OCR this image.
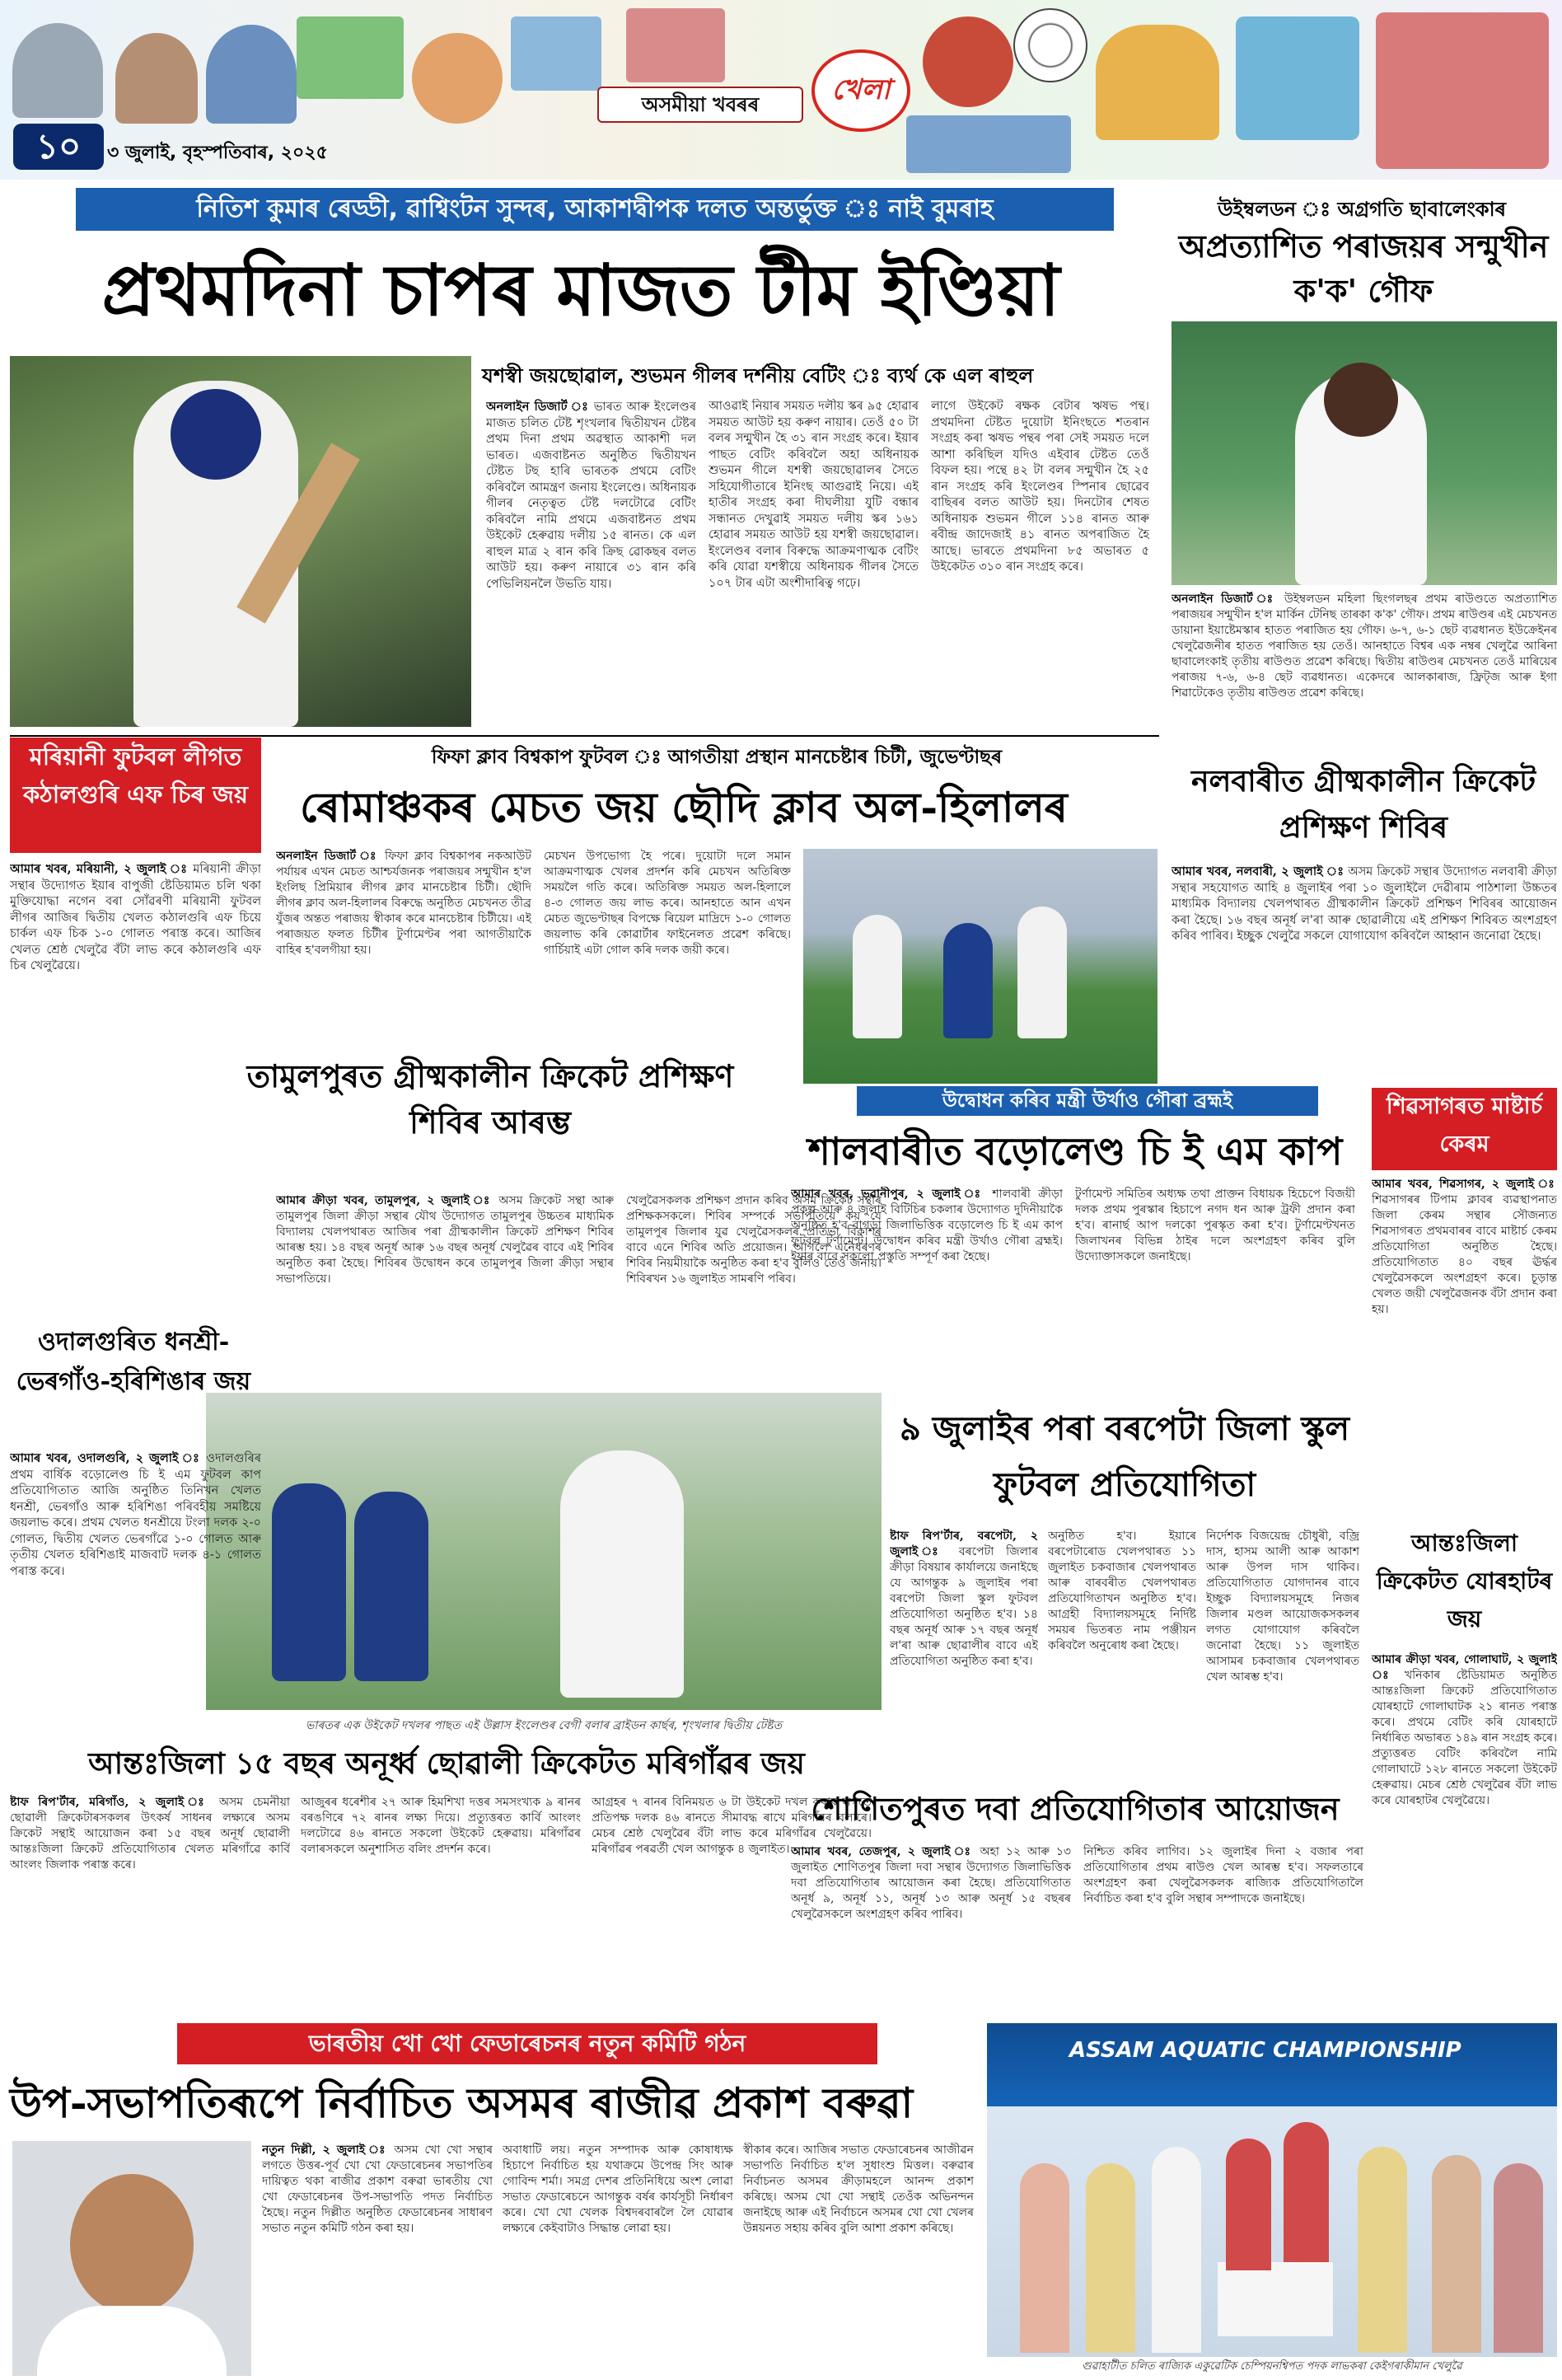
১০	৩ জুলাই, বৃহস্পতিবাৰ, ২০২৫
অসমীয়া খবৰৰ	খেলা
নিতিশ কুমাৰ ৰেড্ডী, ৱাশ্বিংটন সুন্দৰ, আকাশদ্বীপক দলত অন্তৰ্ভুক্ত ঃ নাই বুমৰাহ
প্ৰথমদিনা চাপৰ মাজত টীম ইণ্ডিয়া
যশস্বী জয়ছোৱাল, শুভমন গীলৰ দৰ্শনীয় বেটিং ঃ ব্যৰ্থ কে এল ৰাহুল
অনলাইন ডিজাৰ্ট ঃ ভাৰত আৰু ইংলেণ্ডৰ মাজত চলিত টেষ্ট শৃংখলাৰ দ্বিতীয়খন টেষ্টৰ প্ৰথম দিনা প্ৰথম অৱস্থাত আকাশী দল ভাৰত। এজবাষ্টনত অনুষ্ঠিত দ্বিতীয়খন টেষ্টত টছ হাৰি ভাৰতক প্ৰথমে বেটিং কৰিবলৈ আমন্ত্ৰণ জনায় ইংলেণ্ডে। অধিনায়ক গীলৰ নেতৃত্বত টেষ্ট দলটোৱে বেটিং কৰিবলৈ নামি প্ৰথমে এজবাষ্টনত প্ৰথম উইকেট হেৰুৱায় দলীয় ১৫ ৰানত। কে এল ৰাহুল মাত্ৰ ২ ৰান কৰি ক্ৰিছ ৱোকছৰ বলত আউট হয়। কৰুণ নায়াৰে ৩১ ৰান কৰি পেভিলিয়নলৈ উভতি যায়।
আওৱাই নিয়াৰ সময়ত দলীয় স্কৰ ৯৫ হোৱাৰ সময়ত আউট হয় কৰুণ নায়াৰ। তেওঁ ৫০ টা বলৰ সন্মুখীন হৈ ৩১ ৰান সংগ্ৰহ কৰে। ইয়াৰ পাছত বেটিং কৰিবলৈ অহা অধিনায়ক শুভমন গীলে যশস্বী জয়ছোৱালৰ সৈতে সহিযোগীতাৰে ইনিংছ আগুৱাই নিয়ে। এই হাতীৰ সংগ্ৰহ কৰা দীঘলীয়া যুটি বন্ধাৰ সন্ধানত দেখুৱাই সময়ত দলীয় স্কৰ ১৬১ হোৱাৰ সময়ত আউট হয় যশস্বী জয়ছোৱাল। ইংলেণ্ডৰ বলাৰ বিৰুদ্ধে আক্ৰমণাত্মক বেটিং কৰি যোৱা যশস্বীয়ে অধিনায়ক গীলৰ সৈতে ১০৭ টাৰ এটা অংশীদাৰিত্ব গঢ়ে।
লাগে উইকেট ৰক্ষক বেটাৰ ঋষভ পন্থ। প্ৰথমদিনা টেষ্টত দুয়োটা ইনিংছতে শতৰান সংগ্ৰহ কৰা ঋষভ পন্থৰ পৰা সেই সময়ত দলে আশা কৰিছিল যদিও এইবাৰ টেষ্টত তেওঁ বিফল হয়। পন্থে ৪২ টা বলৰ সন্মুখীন হৈ ২৫ ৰান সংগ্ৰহ কৰি ইংলেণ্ডৰ স্পিনাৰ ছোৱেব বাছিৰৰ বলত আউট হয়। দিনটোৰ শেষত অধিনায়ক শুভমন গীলে ১১৪ ৰানত আৰু ৰবীন্দ্ৰ জাদেজাই ৪১ ৰানত অপৰাজিত হৈ আছে। ভাৰতে প্ৰথমদিনা ৮৫ অভাৰত ৫ উইকেটত ৩১০ ৰান সংগ্ৰহ কৰে।
উইম্বলডন ঃ অগ্ৰগতি ছাবালেংকাৰ
অপ্ৰত্যাশিত পৰাজয়ৰ সন্মুখীন ক'ক' গৌফ
অনলাইন ডিজাৰ্ট ঃ উইম্বলডন মহিলা ছিংগলছৰ প্ৰথম ৰাউণ্ডতে অপ্ৰত্যাশিত পৰাজয়ৰ সন্মুখীন হ'ল মাৰ্কিন টেনিছ তাৰকা ক'ক' গৌফ। প্ৰথম ৰাউণ্ডৰ এই মেচখনত ডায়ানা ইয়াষ্টেমস্কাৰ হাতত পৰাজিত হয় গৌফ। ৬-৭, ৬-১ ছেট ব্যৱধানত ইউক্ৰেইনৰ খেলুৱৈজনীৰ হাতত পৰাজিত হয় তেওঁ। আনহাতে বিশ্বৰ এক নম্বৰ খেলুৱৈ আৰিনা ছাবালেংকাই তৃতীয় ৰাউণ্ডত প্ৰৱেশ কৰিছে। দ্বিতীয় ৰাউণ্ডৰ মেচখনত তেওঁ মাৰিয়েৰ পৰাজয় ৭-৬, ৬-৪ ছেট ব্যৱধানত। একেদৰে আলকাৰাজ, ফ্ৰিট্জ আৰু ইগা শিৱাটেকেও তৃতীয় ৰাউণ্ডত প্ৰৱেশ কৰিছে।
মৰিয়ানী ফুটবল লীগত কঠালগুৰি এফ চিৰ জয়
আমাৰ খবৰ, মৰিয়ানী, ২ জুলাই ঃ মৰিয়ানী ক্ৰীড়া সন্থাৰ উদ্যোগত ইয়াৰ বাপুজী ষ্টেডিয়ামত চলি থকা মুক্তিযোদ্ধা নগেন বৰা সোঁৱৰণী মৰিয়ানী ফুটবল লীগৰ আজিৰ দ্বিতীয় খেলত কঠালগুৰি এফ চিয়ে চাৰ্কল এফ চিক ১-০ গোলত পৰাস্ত কৰে। আজিৰ খেলত শ্ৰেষ্ঠ খেলুৱৈ বঁটা লাভ কৰে কঠালগুৰি এফ চিৰ খেলুৱৈয়ে।
ফিফা ক্লাব বিশ্বকাপ ফুটবল ঃ আগতীয়া প্ৰস্থান মানচেষ্টাৰ চিটী, জুভেণ্টাছৰ
ৰোমাঞ্চকৰ মেচত জয় ছৌদি ক্লাব অল-হিলালৰ
অনলাইন ডিজাৰ্ট ঃ ফিফা ক্লাব বিশ্বকাপৰ নকআউট পৰ্যায়ৰ এখন মেচত আশ্চৰ্যজনক পৰাজয়ৰ সন্মুখীন হ'ল ইংলিছ প্ৰিমিয়াৰ লীগৰ ক্লাব মানচেষ্টাৰ চিটী। ছৌদি লীগৰ ক্লাব অল-হিলালৰ বিৰুদ্ধে অনুষ্ঠিত মেচখনত তীব্ৰ যুঁজৰ অন্তত পৰাজয় স্বীকাৰ কৰে মানচেষ্টাৰ চিটীয়ে। এই পৰাজয়ত ফলত চিটীৰ টুৰ্ণামেণ্টৰ পৰা আগতীয়াকৈ বাহিৰ হ'বলগীয়া হয়।
মেচখন উপভোগ্য হৈ পৰে। দুয়োটা দলে সমান আক্ৰমণাত্মক খেলৰ প্ৰদৰ্শন কৰি মেচখন অতিৰিক্ত সময়লৈ গতি কৰে। অতিৰিক্ত সময়ত অল-হিলালে ৪-৩ গোলত জয় লাভ কৰে। আনহাতে আন এখন মেচত জুভেণ্টাছৰ বিপক্ষে ৰিয়েল মাদ্ৰিদে ১-০ গোলত জয়লাভ কৰি কোৱাৰ্টাৰ ফাইনেলত প্ৰৱেশ কৰিছে। গাৰ্চিয়াই এটা গোল কৰি দলক জয়ী কৰে।
নলবাৰীত গ্ৰীষ্মকালীন ক্ৰিকেট প্ৰশিক্ষণ শিবিৰ
আমাৰ খবৰ, নলবাৰী, ২ জুলাই ঃ অসম ক্ৰিকেট সন্থাৰ উদ্যোগত নলবাৰী ক্ৰীড়া সন্থাৰ সহযোগত আহি ৪ জুলাইৰ পৰা ১০ জুলাইলৈ দেৱীৰাম পাঠশালা উচ্চতৰ মাধ্যমিক বিদ্যালয় খেলপথাৰত গ্ৰীষ্মকালীন ক্ৰিকেট প্ৰশিক্ষণ শিবিৰৰ আয়োজন কৰা হৈছে। ১৬ বছৰ অনূৰ্ধ ল'ৰা আৰু ছোৱালীয়ে এই প্ৰশিক্ষণ শিবিৰত অংশগ্ৰহণ কৰিব পাৰিব। ইচ্ছুক খেলুৱৈ সকলে যোগাযোগ কৰিবলৈ আহ্বান জনোৱা হৈছে।
তামুলপুৰত গ্ৰীষ্মকালীন ক্ৰিকেট প্ৰশিক্ষণ শিবিৰ আৰম্ভ
আমাৰ ক্ৰীড়া খবৰ, তামুলপুৰ, ২ জুলাই ঃ অসম ক্ৰিকেট সন্থা আৰু তামুলপুৰ জিলা ক্ৰীড়া সন্থাৰ যৌথ উদ্যোগত তামুলপুৰ উচ্চতৰ মাধ্যমিক বিদ্যালয় খেলপথাৰত আজিৰ পৰা গ্ৰীষ্মকালীন ক্ৰিকেট প্ৰশিক্ষণ শিবিৰ আৰম্ভ হয়। ১৪ বছৰ অনূৰ্ধ আৰু ১৬ বছৰ অনূৰ্ধ খেলুৱৈৰ বাবে এই শিবিৰ অনুষ্ঠিত কৰা হৈছে। শিবিৰৰ উদ্বোধন কৰে তামুলপুৰ জিলা ক্ৰীড়া সন্থাৰ সভাপতিয়ে।
খেলুৱৈসকলক প্ৰশিক্ষণ প্ৰদান কৰিব অসম ক্ৰিকেট সন্থাৰ প্ৰশিক্ষকসকলে। শিবিৰ সম্পৰ্কে সভাপতিয়ে কয় যে তামুলপুৰ জিলাৰ যুৱ খেলুৱৈসকলৰ প্ৰতিভা বিকাশৰ বাবে এনে শিবিৰ অতি প্ৰয়োজন। আগলৈ এনেধৰণৰ শিবিৰ নিয়মীয়াকৈ অনুষ্ঠিত কৰা হ'ব বুলিও তেওঁ জনায়। শিবিৰখন ১৬ জুলাইত সামৰণি পৰিব।
ভাৰতৰ এক উইকেট দখলৰ পাছত এই উল্লাস ইংলেণ্ডৰ বেগী বলাৰ ব্ৰাইডন কাৰ্ছৰ, শৃংখলাৰ দ্বিতীয় টেষ্টত
ওদালগুৰিত ধনশ্ৰী-ভেৰগাঁও-হৰিশিঙাৰ জয়
আমাৰ খবৰ, ওদালগুৰি, ২ জুলাই ঃ ওদালগুৰিৰ প্ৰথম বাৰ্ষিক বড়োলেণ্ড চি ই এম ফুটবল কাপ প্ৰতিযোগিতাত আজি অনুষ্ঠিত তিনিখন খেলত ধনশ্ৰী, ভেৰগাঁও আৰু হৰিশিঙা পৰিবহীয় সমষ্টিয়ে জয়লাভ কৰে। প্ৰথম খেলত ধনশ্ৰীয়ে টংলা দলক ২-০ গোলত, দ্বিতীয় খেলত ভেৰগাঁৱে ১-০ গোলত আৰু তৃতীয় খেলত হৰিশিঙাই মাজবাট দলক ৪-১ গোলত পৰাস্ত কৰে।
উদ্বোধন কৰিব মন্ত্ৰী উৰ্খাও গৌৰা ব্ৰহ্মই
শালবাৰীত বড়োলেণ্ড চি ই এম কাপ
আমাৰ খবৰ, ভৱানীপুৰ, ২ জুলাই ঃ শালবাৰী ক্ৰীড়া প্ৰকল্প আৰু ৪ জুলাই বিটিচিৰ চকলাৰ উদ্যোগত দুদিনীয়াকৈ অনুষ্ঠিত হ'ব বাগড়া জিলাভিত্তিক বড়োলেণ্ড চি ই এম কাপ ফুটবল টুৰ্ণামেণ্ট। উদ্বোধন কৰিব মন্ত্ৰী উৰ্খাও গৌৰা ব্ৰহ্মই। ইয়াৰ বাবে সকলো প্ৰস্তুতি সম্পূৰ্ণ কৰা হৈছে।
টুৰ্ণামেণ্ট সমিতিৰ অধ্যক্ষ তথা প্ৰাক্তন বিধায়ক হিচেপে বিজয়ী দলক প্ৰথম পুৰস্কাৰ হিচাপে নগদ ধন আৰু ট্ৰফী প্ৰদান কৰা হ'ব। ৰানাৰ্ছ আপ দলকো পুৰস্কৃত কৰা হ'ব। টুৰ্ণামেণ্টখনত জিলাখনৰ বিভিন্ন ঠাইৰ দলে অংশগ্ৰহণ কৰিব বুলি উদ্যোক্তাসকলে জনাইছে।
শিৱসাগৰত মাষ্টাৰ্চ কেৰম
আমাৰ খবৰ, শিৱসাগৰ, ২ জুলাই ঃ শিৱসাগৰৰ টিপাম ক্লাবৰ ব্যৱস্থাপনাত জিলা কেৰম সন্থাৰ সৌজন্যত শিৱসাগৰত প্ৰথমবাৰৰ বাবে মাষ্টাৰ্চ কেৰম প্ৰতিযোগিতা অনুষ্ঠিত হৈছে। প্ৰতিযোগিতাত ৪০ বছৰ ঊৰ্দ্ধৰ খেলুৱৈসকলে অংশগ্ৰহণ কৰে। চূড়ান্ত খেলত জয়ী খেলুৱৈজনক বঁটা প্ৰদান কৰা হয়।
৯ জুলাইৰ পৰা বৰপেটা জিলা স্কুল ফুটবল প্ৰতিযোগিতা
ষ্টাফ ৰিপ'ৰ্টাৰ, বৰপেটা, ২ জুলাই ঃ বৰপেটা জিলাৰ ক্ৰীড়া বিষয়াৰ কাৰ্যালয়ে জনাইছে যে আগন্তুক ৯ জুলাইৰ পৰা বৰপেটা জিলা স্কুল ফুটবল প্ৰতিযোগিতা অনুষ্ঠিত হ'ব। ১৪ বছৰ অনূৰ্ধ আৰু ১৭ বছৰ অনূৰ্ধ ল'ৰা আৰু ছোৱালীৰ বাবে এই প্ৰতিযোগিতা অনুষ্ঠিত কৰা হ'ব।
অনুষ্ঠিত হ'ব। ইয়াৰে বৰপেটাৰোড খেলপথাৰত ১১ জুলাইত চকবাজাৰ খেলপথাৰত আৰু বাৰবৰীত খেলপথাৰত প্ৰতিযোগিতাখন অনুষ্ঠিত হ'ব। আগ্ৰহী বিদ্যালয়সমূহে নিৰ্দিষ্ট সময়ৰ ভিতৰত নাম পঞ্জীয়ন কৰিবলৈ অনুৰোধ কৰা হৈছে।
নিৰ্দেশক বিজয়েন্দ্ৰ চৌধুৰী, বজ্ৰি দাস, হাসম আলী আৰু আকাশ আৰু উপল দাস থাকিব। প্ৰতিযোগিতাত যোগদানৰ বাবে ইচ্ছুক বিদ্যালয়সমূহে নিজৰ জিলাৰ মণ্ডল আয়োজকসকলৰ লগত যোগাযোগ কৰিবলৈ জনোৱা হৈছে। ১১ জুলাইত আসামৰ চকবাজাৰ খেলপথাৰত খেল আৰম্ভ হ'ব।
আন্তঃজিলা ক্ৰিকেটত যোৰহাটৰ জয়
আমাৰ ক্ৰীড়া খবৰ, গোলাঘাট, ২ জুলাই ঃ খনিকাৰ ষ্টেডিয়ামত অনুষ্ঠিত আন্তঃজিলা ক্ৰিকেট প্ৰতিযোগিতাত যোৰহাটে গোলাঘাটক ২১ ৰানত পৰাস্ত কৰে। প্ৰথমে বেটিং কৰি যোৰহাটে নিৰ্ধাৰিত অভাৰত ১৪৯ ৰান সংগ্ৰহ কৰে। প্ৰত্যুত্তৰত বেটিং কৰিবলৈ নামি গোলাঘাটে ১২৮ ৰানতে সকলো উইকেট হেৰুৱায়। মেচৰ শ্ৰেষ্ঠ খেলুৱৈৰ বঁটা লাভ কৰে যোৰহাটৰ খেলুৱৈয়ে।
আন্তঃজিলা ১৫ বছৰ অনূৰ্ধ্ব ছোৱালী ক্ৰিকেটত মৰিগাঁৱৰ জয়
ষ্টাফ ৰিপ'ৰ্টাৰ, মৰিগাঁও, ২ জুলাই ঃ অসম চেমনীয়া ছোৱালী ক্ৰিকেটাৰসকলৰ উৎকৰ্ষ সাধনৰ লক্ষ্যৰে অসম ক্ৰিকেট সন্থাই আয়োজন কৰা ১৫ বছৰ অনূৰ্ধ ছোৱালী আন্তঃজিলা ক্ৰিকেট প্ৰতিযোগিতাৰ খেলত মৰিগাঁৱে কাৰ্বি আংলং জিলাক পৰাস্ত কৰে।
আজুৰৰ ধৰেশীৰ ২৭ আৰু হিমশিখা দত্তৰ সমসংখ্যক ৯ ৰানৰ বৰঙণিৰে ৭২ ৰানৰ লক্ষ্য দিয়ে। প্ৰত্যুত্তৰত কাৰ্বি আংলং দলটোৱে ৪৬ ৰানতে সকলো উইকেট হেৰুৱায়। মৰিগাঁৱৰ বলাৰসকলে অনুশাসিত বলিং প্ৰদৰ্শন কৰে।
আগ্ৰহৰ ৭ ৰানৰ বিনিময়ত ৬ টা উইকেট দখল কৰাৰ লগতে প্ৰতিপক্ষ দলক ৪৬ ৰানতে সীমাবদ্ধ ৰাখে মৰিগাঁৱৰ বলাৰে। মেচৰ শ্ৰেষ্ঠ খেলুৱৈৰ বঁটা লাভ কৰে মৰিগাঁৱৰ খেলুৱৈয়ে। মৰিগাঁৱৰ পৰৱৰ্তী খেল আগন্তুক ৪ জুলাইত।
শোণিতপুৰত দবা প্ৰতিযোগিতাৰ আয়োজন
আমাৰ খবৰ, তেজপুৰ, ২ জুলাই ঃ অহা ১২ আৰু ১৩ জুলাইত শোণিতপুৰ জিলা দবা সন্থাৰ উদ্যোগত জিলাভিত্তিক দবা প্ৰতিযোগিতাৰ আয়োজন কৰা হৈছে। প্ৰতিযোগিতাত অনূৰ্ধ ৯, অনূৰ্ধ ১১, অনূৰ্ধ ১৩ আৰু অনূৰ্ধ ১৫ বছৰৰ খেলুৱৈসকলে অংশগ্ৰহণ কৰিব পাৰিব।
নিশ্চিত কৰিব লাগিব। ১২ জুলাইৰ দিনা ২ বজাৰ পৰা প্ৰতিযোগিতাৰ প্ৰথম ৰাউণ্ড খেল আৰম্ভ হ'ব। সফলতাৰে অংশগ্ৰহণ কৰা খেলুৱৈসকলক ৰাজ্যিক প্ৰতিযোগিতালৈ নিৰ্বাচিত কৰা হ'ব বুলি সন্থাৰ সম্পাদকে জনাইছে।
ভাৰতীয় খো খো ফেডাৰেচনৰ নতুন কমিটি গঠন
উপ-সভাপতিৰূপে নিৰ্বাচিত অসমৰ ৰাজীৱ প্ৰকাশ বৰুৱা
নতুন দিল্লী, ২ জুলাই ঃ অসম খো খো সন্থাৰ লগতে উত্তৰ-পূৰ্ব খো খো ফেডাৰেচনৰ সভাপতিৰ দায়িত্বত থকা ৰাজীৱ প্ৰকাশ বৰুৱা ভাৰতীয় খো খো ফেডাৰেচনৰ উপ-সভাপতি পদত নিৰ্বাচিত হৈছে। নতুন দিল্লীত অনুষ্ঠিত ফেডাৰেচনৰ সাধাৰণ সভাত নতুন কমিটি গঠন কৰা হয়।
অবাধাটি লয়। নতুন সম্পাদক আৰু কোষাধ্যক্ষ হিচাপে নিৰ্বাচিত হয় যথাক্ৰমে উপেন্দ্ৰ সিং আৰু গোবিন্দ শৰ্মা। সমগ্ৰ দেশৰ প্ৰতিনিধিয়ে অংশ লোৱা সভাত ফেডাৰেচনে আগন্তুক বৰ্ষৰ কাৰ্যসূচী নিৰ্ধাৰণ কৰে। খো খো খেলক বিশ্বদৰবাৰলৈ লৈ যোৱাৰ লক্ষ্যৰে কেইবাটাও সিদ্ধান্ত লোৱা হয়।
স্বীকাৰ কৰে। আজিৰ সভাত ফেডাৰেচনৰ আজীৱন সভাপতি নিৰ্বাচিত হ'ল সুধাংশু মিত্তল। বৰুৱাৰ নিৰ্বাচনত অসমৰ ক্ৰীড়ামহলে আনন্দ প্ৰকাশ কৰিছে। অসম খো খো সন্থাই তেওঁক অভিনন্দন জনাইছে আৰু এই নিৰ্বাচনে অসমৰ খো খো খেলৰ উন্নয়নত সহায় কৰিব বুলি আশা প্ৰকাশ কৰিছে।
ASSAM AQUATIC CHAMPIONSHIP
গুৱাহাটীত চলিত ৰাজ্যিক একুৱেটিক চেম্পিয়নশ্বিপত পদক লাভকৰা কেইগৰাকীমান খেলুৱৈ
